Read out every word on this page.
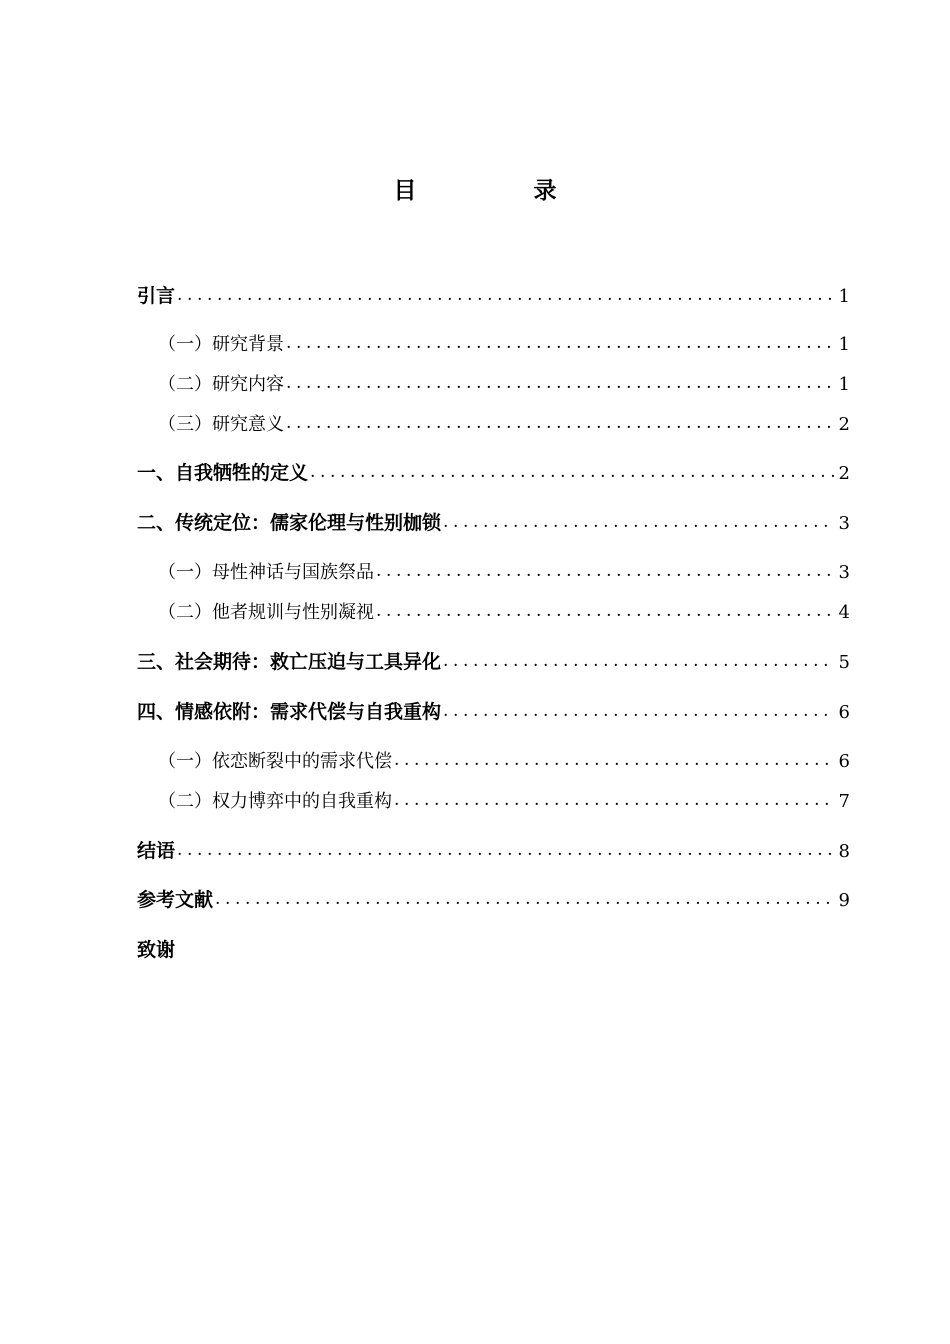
目　录
引言 .....	1
（一）研究背景 .....	1
（二）研究内容 .....	1
（三）研究意义 .....	2
一、自我牺牲的定义 .....	2
二、传统定位：儒家伦理与性别枷锁 .....	3
（一）母性神话与国族祭品 .....	3
（二）他者规训与性别凝视 .....	4
三、社会期待：救亡压迫与工具异化 .....	5
四、情感依附：需求代偿与自我重构 .....	6
（一）依恋断裂中的需求代偿 .....	6
（二）权力博弈中的自我重构 .....	7
结语 .....	8
参考文献 .....	9
致谢
